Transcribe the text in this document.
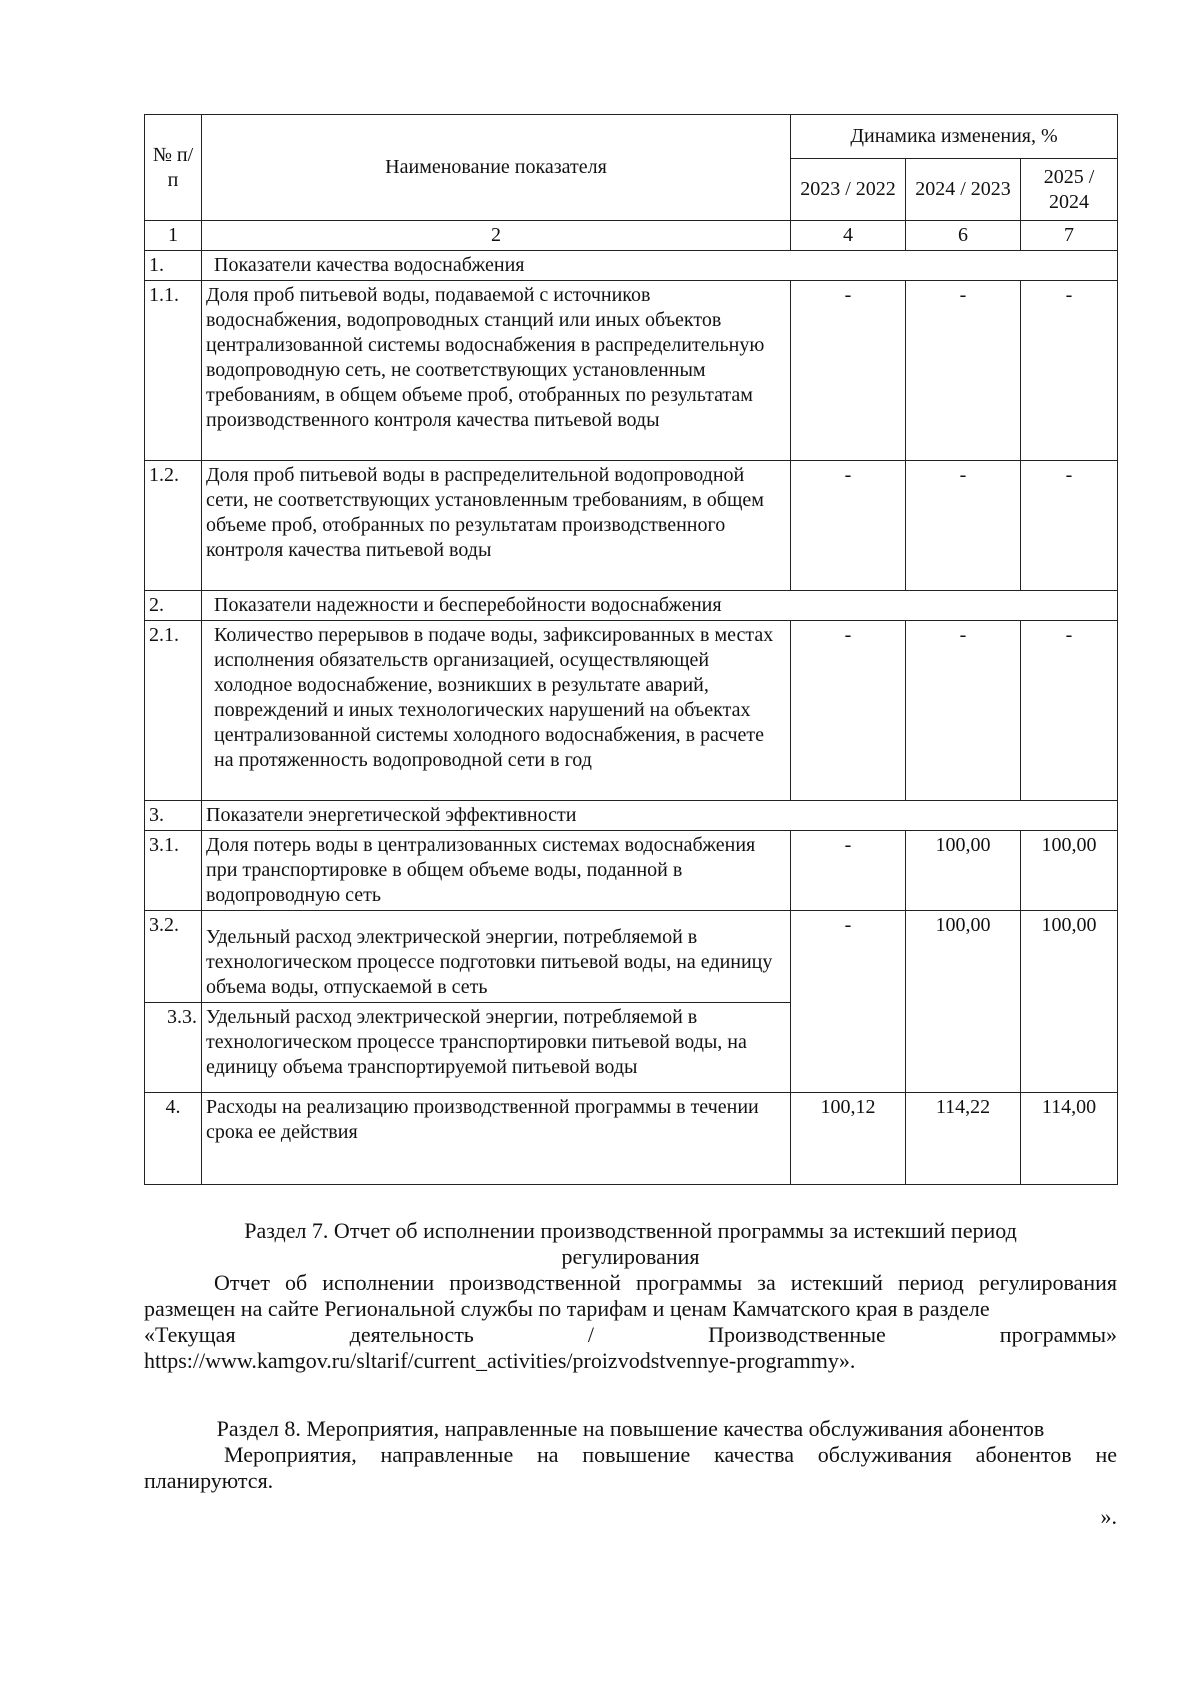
№ п/п	Наименование показателя	Динамика изменения, %		
		2023 / 2022	2024 / 2023	2025 / 2024
1	2	4	6	7
1.	Показатели качества водоснабжения			
1.1.	Доля проб питьевой воды, подаваемой с источников водоснабжения, водопроводных станций или иных объектов централизованной системы водоснабжения в распределительную водопроводную сеть, не соответствующих установленным требованиям, в общем объеме проб, отобранных по результатам производственного контроля качества питьевой воды	-	-	-
1.2.	Доля проб питьевой воды в распределительной водопроводной сети, не соответствующих установленным требованиям, в общем объеме проб, отобранных по результатам производственного контроля качества питьевой воды	-	-	-
2.	Показатели надежности и бесперебойности водоснабжения			
2.1.	Количество перерывов в подаче воды, зафиксированных в местах исполнения обязательств организацией, осуществляющей холодное водоснабжение, возникших в результате аварий, повреждений и иных технологических нарушений на объектах централизованной системы холодного водоснабжения, в расчете на протяженность водопроводной сети в год	-	-	-
3.	Показатели энергетической эффективности			
3.1.	Доля потерь воды в централизованных системах водоснабжения при транспортировке в общем объеме воды, поданной в водопроводную сеть	-	100,00	100,00
3.2.	Удельный расход электрической энергии, потребляемой в технологическом процессе подготовки питьевой воды, на единицу объема воды, отпускаемой в сеть	-	100,00	100,00
3.3.	Удельный расход электрической энергии, потребляемой в технологическом процессе транспортировки питьевой воды, на единицу объема транспортируемой питьевой воды			
4.	Расходы на реализацию производственной программы в течении срока ее действия	100,12	114,22	114,00
Раздел 7. Отчет об исполнении производственной программы за истекший период регулирования
Отчет об исполнении производственной программы за истекший период регулирования размещен на сайте Региональной службы по тарифам и ценам Камчатского края в разделе
«Текущая деятельность / Производственные программы»
https://www.kamgov.ru/sltarif/current_activities/proizvodstvennye-programmy».
Раздел 8. Мероприятия, направленные на повышение качества обслуживания абонентов
Мероприятия, направленные на повышение качества обслуживания абонентов не планируются.
».
